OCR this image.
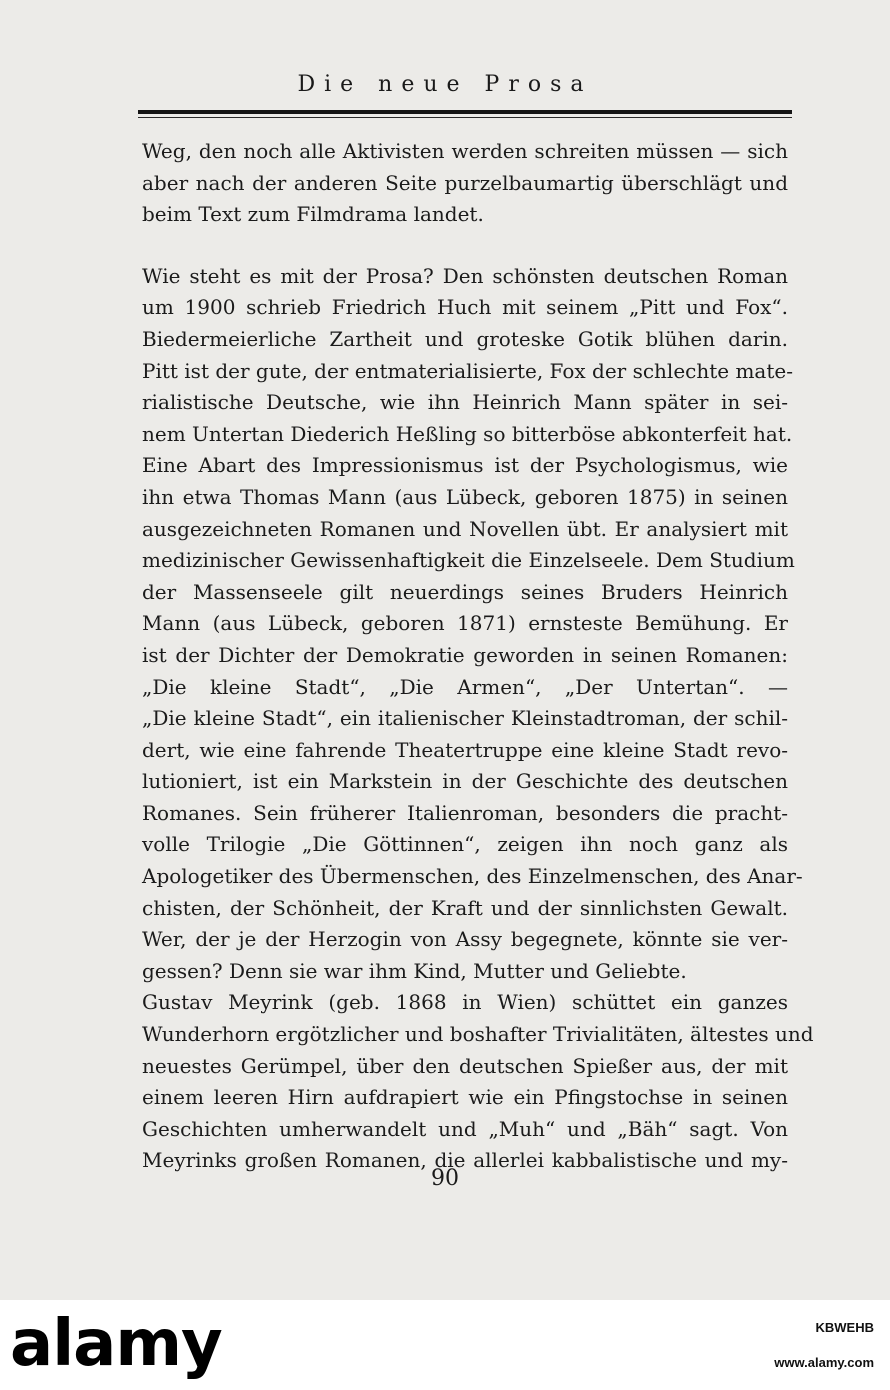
Die neue Prosa
Weg, den noch alle Aktivisten werden schreiten müssen — sich
aber nach der anderen Seite purzelbaumartig überschlägt und
beim Text zum Filmdrama landet.
Wie steht es mit der Prosa? Den schönsten deutschen Roman
um 1900 schrieb Friedrich Huch mit seinem „Pitt und Fox“.
Biedermeierliche Zartheit und groteske Gotik blühen darin.
Pitt ist der gute, der entmaterialisierte, Fox der schlechte mate-
rialistische Deutsche, wie ihn Heinrich Mann später in sei-
nem Untertan Diederich Heßling so bitterböse abkonterfeit hat.
Eine Abart des Impressionismus ist der Psychologismus, wie
ihn etwa Thomas Mann (aus Lübeck, geboren 1875) in seinen
ausgezeichneten Romanen und Novellen übt. Er analysiert mit
medizinischer Gewissenhaftigkeit die Einzelseele. Dem Studium
der Massenseele gilt neuerdings seines Bruders Heinrich
Mann (aus Lübeck, geboren 1871) ernsteste Bemühung. Er
ist der Dichter der Demokratie geworden in seinen Romanen:
„Die kleine Stadt“, „Die Armen“, „Der Untertan“. —
„Die kleine Stadt“, ein italienischer Kleinstadtroman, der schil-
dert, wie eine fahrende Theatertruppe eine kleine Stadt revo-
lutioniert, ist ein Markstein in der Geschichte des deutschen
Romanes. Sein früherer Italienroman, besonders die pracht-
volle Trilogie „Die Göttinnen“, zeigen ihn noch ganz als
Apologetiker des Übermenschen, des Einzelmenschen, des Anar-
chisten, der Schönheit, der Kraft und der sinnlichsten Gewalt.
Wer, der je der Herzogin von Assy begegnete, könnte sie ver-
gessen? Denn sie war ihm Kind, Mutter und Geliebte.
Gustav Meyrink (geb. 1868 in Wien) schüttet ein ganzes
Wunderhorn ergötzlicher und boshafter Trivialitäten, ältestes und
neuestes Gerümpel, über den deutschen Spießer aus, der mit
einem leeren Hirn aufdrapiert wie ein Pfingstochse in seinen
Geschichten umherwandelt und „Muh“ und „Bäh“ sagt. Von
Meyrinks großen Romanen, die allerlei kabbalistische und my-
90
alamy	KBWEHB
www.alamy.com
